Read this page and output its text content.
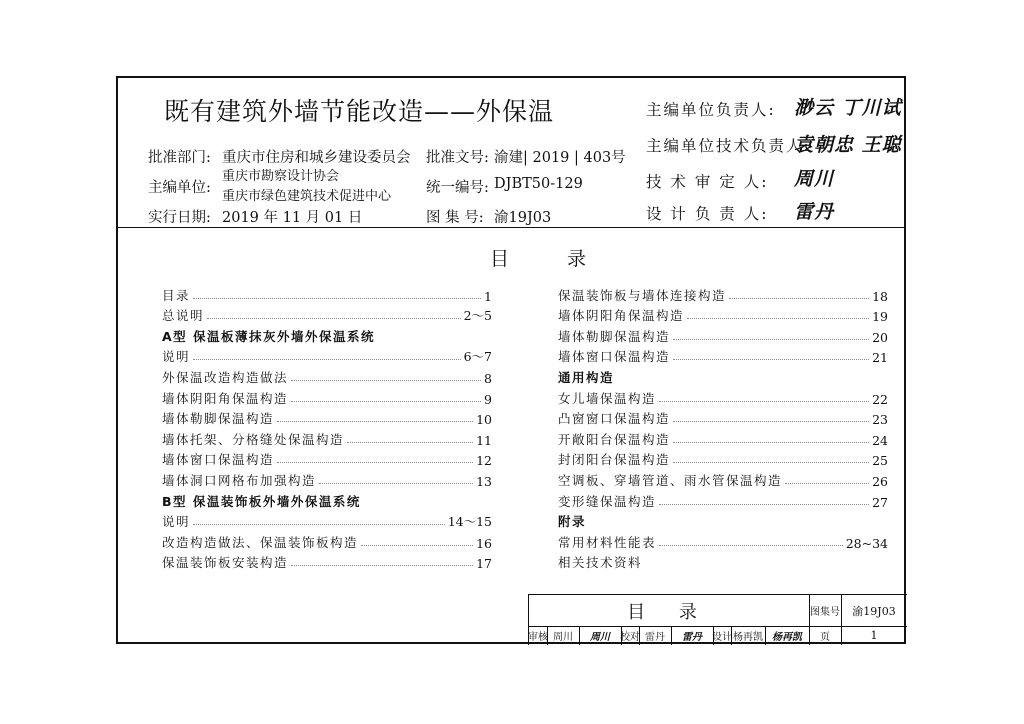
既有建筑外墙节能改造——外保温
批准部门: 重庆市住房和城乡建设委员会
主编单位:
重庆市勘察设计协会
重庆市绿色建筑技术促进中心
实行日期: 2019 年 11 月 01 日
批准文号: 渝建| 2019 | 403号
统一编号: DJBT50-129
图 集 号: 渝19J03
主编单位负责人: 渺云 丁川试
主编单位技术负责人:
袁朝忠 王聪
技 术 审 定 人: 周川
设 计 负 责 人: 雷丹
目 录
目录	1
总说明	2～5
A型 保温板薄抹灰外墙外保温系统
说明	6～7
外保温改造构造做法	8
墙体阴阳角保温构造	9
墙体勒脚保温构造	10
墙体托架、分格缝处保温构造	11
墙体窗口保温构造	12
墙体洞口网格布加强构造	13
B型 保温装饰板外墙外保温系统
说明	14～15
改造构造做法、保温装饰板构造	16
保温装饰板安装构造	17
保温装饰板与墙体连接构造	18
墙体阴阳角保温构造	19
墙体勒脚保温构造	20
墙体窗口保温构造	21
通用构造
女儿墙保温构造	22
凸窗窗口保温构造	23
开敞阳台保温构造	24
封闭阳台保温构造	25
空调板、穿墙管道、雨水管保温构造	26
变形缝保温构造	27
附录
常用材料性能表	28~34
相关技术资料
目 录	图集号	渝19J03
审核 周川	周川	校对 雷丹	雷丹	设计 杨再凯 杨再凯	页	1
